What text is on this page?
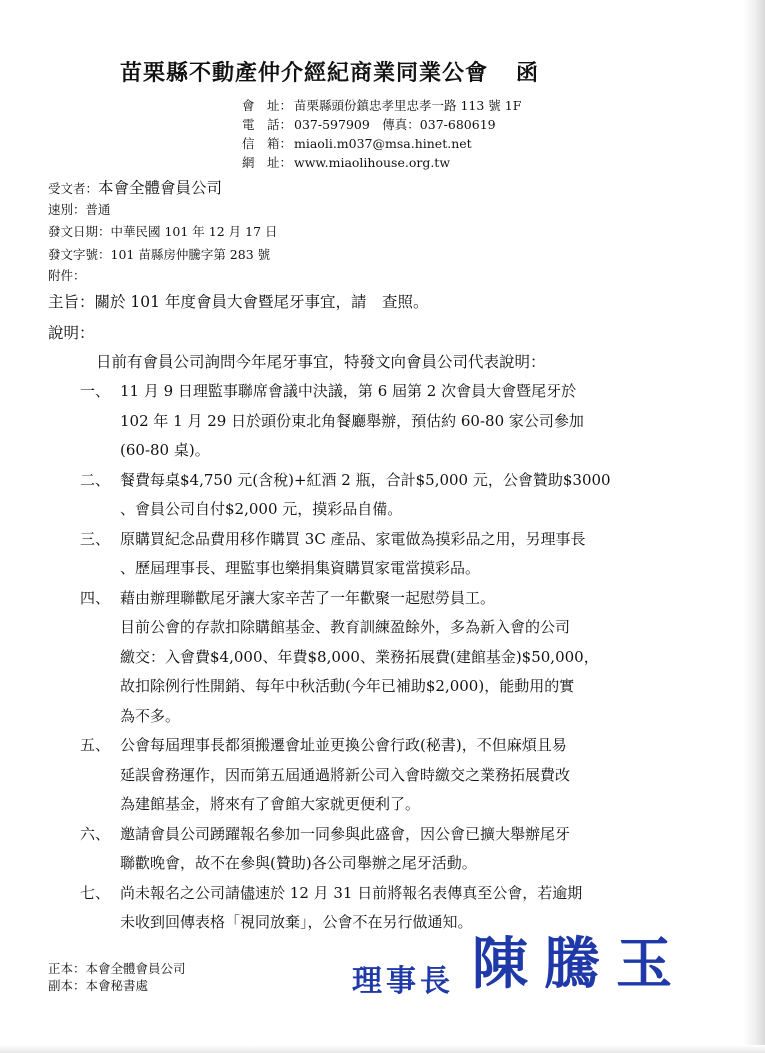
苗栗縣不動產仲介經紀商業同業公會 函
會　址： 苗栗縣頭份鎮忠孝里忠孝一路 113 號 1F
電　話： 037-597909　傳真：037-680619
信　箱： miaoli.m037@msa.hinet.net
網　址： www.miaolihouse.org.tw
受文者：本會全體會員公司
速別：普通
發文日期：中華民國 101 年 12 月 17 日
發文字號：101 苗縣房仲騰字第 283 號
附件：
主旨：關於 101 年度會員大會暨尾牙事宜，請　查照。
說明：
日前有會員公司詢問今年尾牙事宜，特發文向會員公司代表說明：
一、 11 月 9 日理監事聯席會議中決議，第 6 屆第 2 次會員大會暨尾牙於
102 年 1 月 29 日於頭份東北角餐廳舉辦，預估約 60-80 家公司參加
(60-80 桌)。
二、 餐費每桌$4,750 元(含稅)+紅酒 2 瓶，合計$5,000 元，公會贊助$3000
、會員公司自付$2,000 元，摸彩品自備。
三、 原購買紀念品費用移作購買 3C 產品、家電做為摸彩品之用，另理事長
、歷屆理事長、理監事也樂捐集資購買家電當摸彩品。
四、 藉由辦理聯歡尾牙讓大家辛苦了一年歡聚一起慰勞員工。
目前公會的存款扣除購館基金、教育訓練盈餘外，多為新入會的公司
繳交：入會費$4,000、年費$8,000、業務拓展費(建館基金)$50,000，
故扣除例行性開銷、每年中秋活動(今年已補助$2,000)，能動用的實
為不多。
五、 公會每屆理事長都須搬遷會址並更換公會行政(秘書)，不但麻煩且易
延誤會務運作，因而第五屆通過將新公司入會時繳交之業務拓展費改
為建館基金，將來有了會館大家就更便利了。
六、 邀請會員公司踴躍報名參加一同參與此盛會，因公會已擴大舉辦尾牙
聯歡晚會，故不在參與(贊助)各公司舉辦之尾牙活動。
七、 尚未報名之公司請儘速於 12 月 31 日前將報名表傳真至公會，若逾期
未收到回傳表格「視同放棄」，公會不在另行做通知。
理事長 陳騰玉
正本：本會全體會員公司
副本：本會秘書處
